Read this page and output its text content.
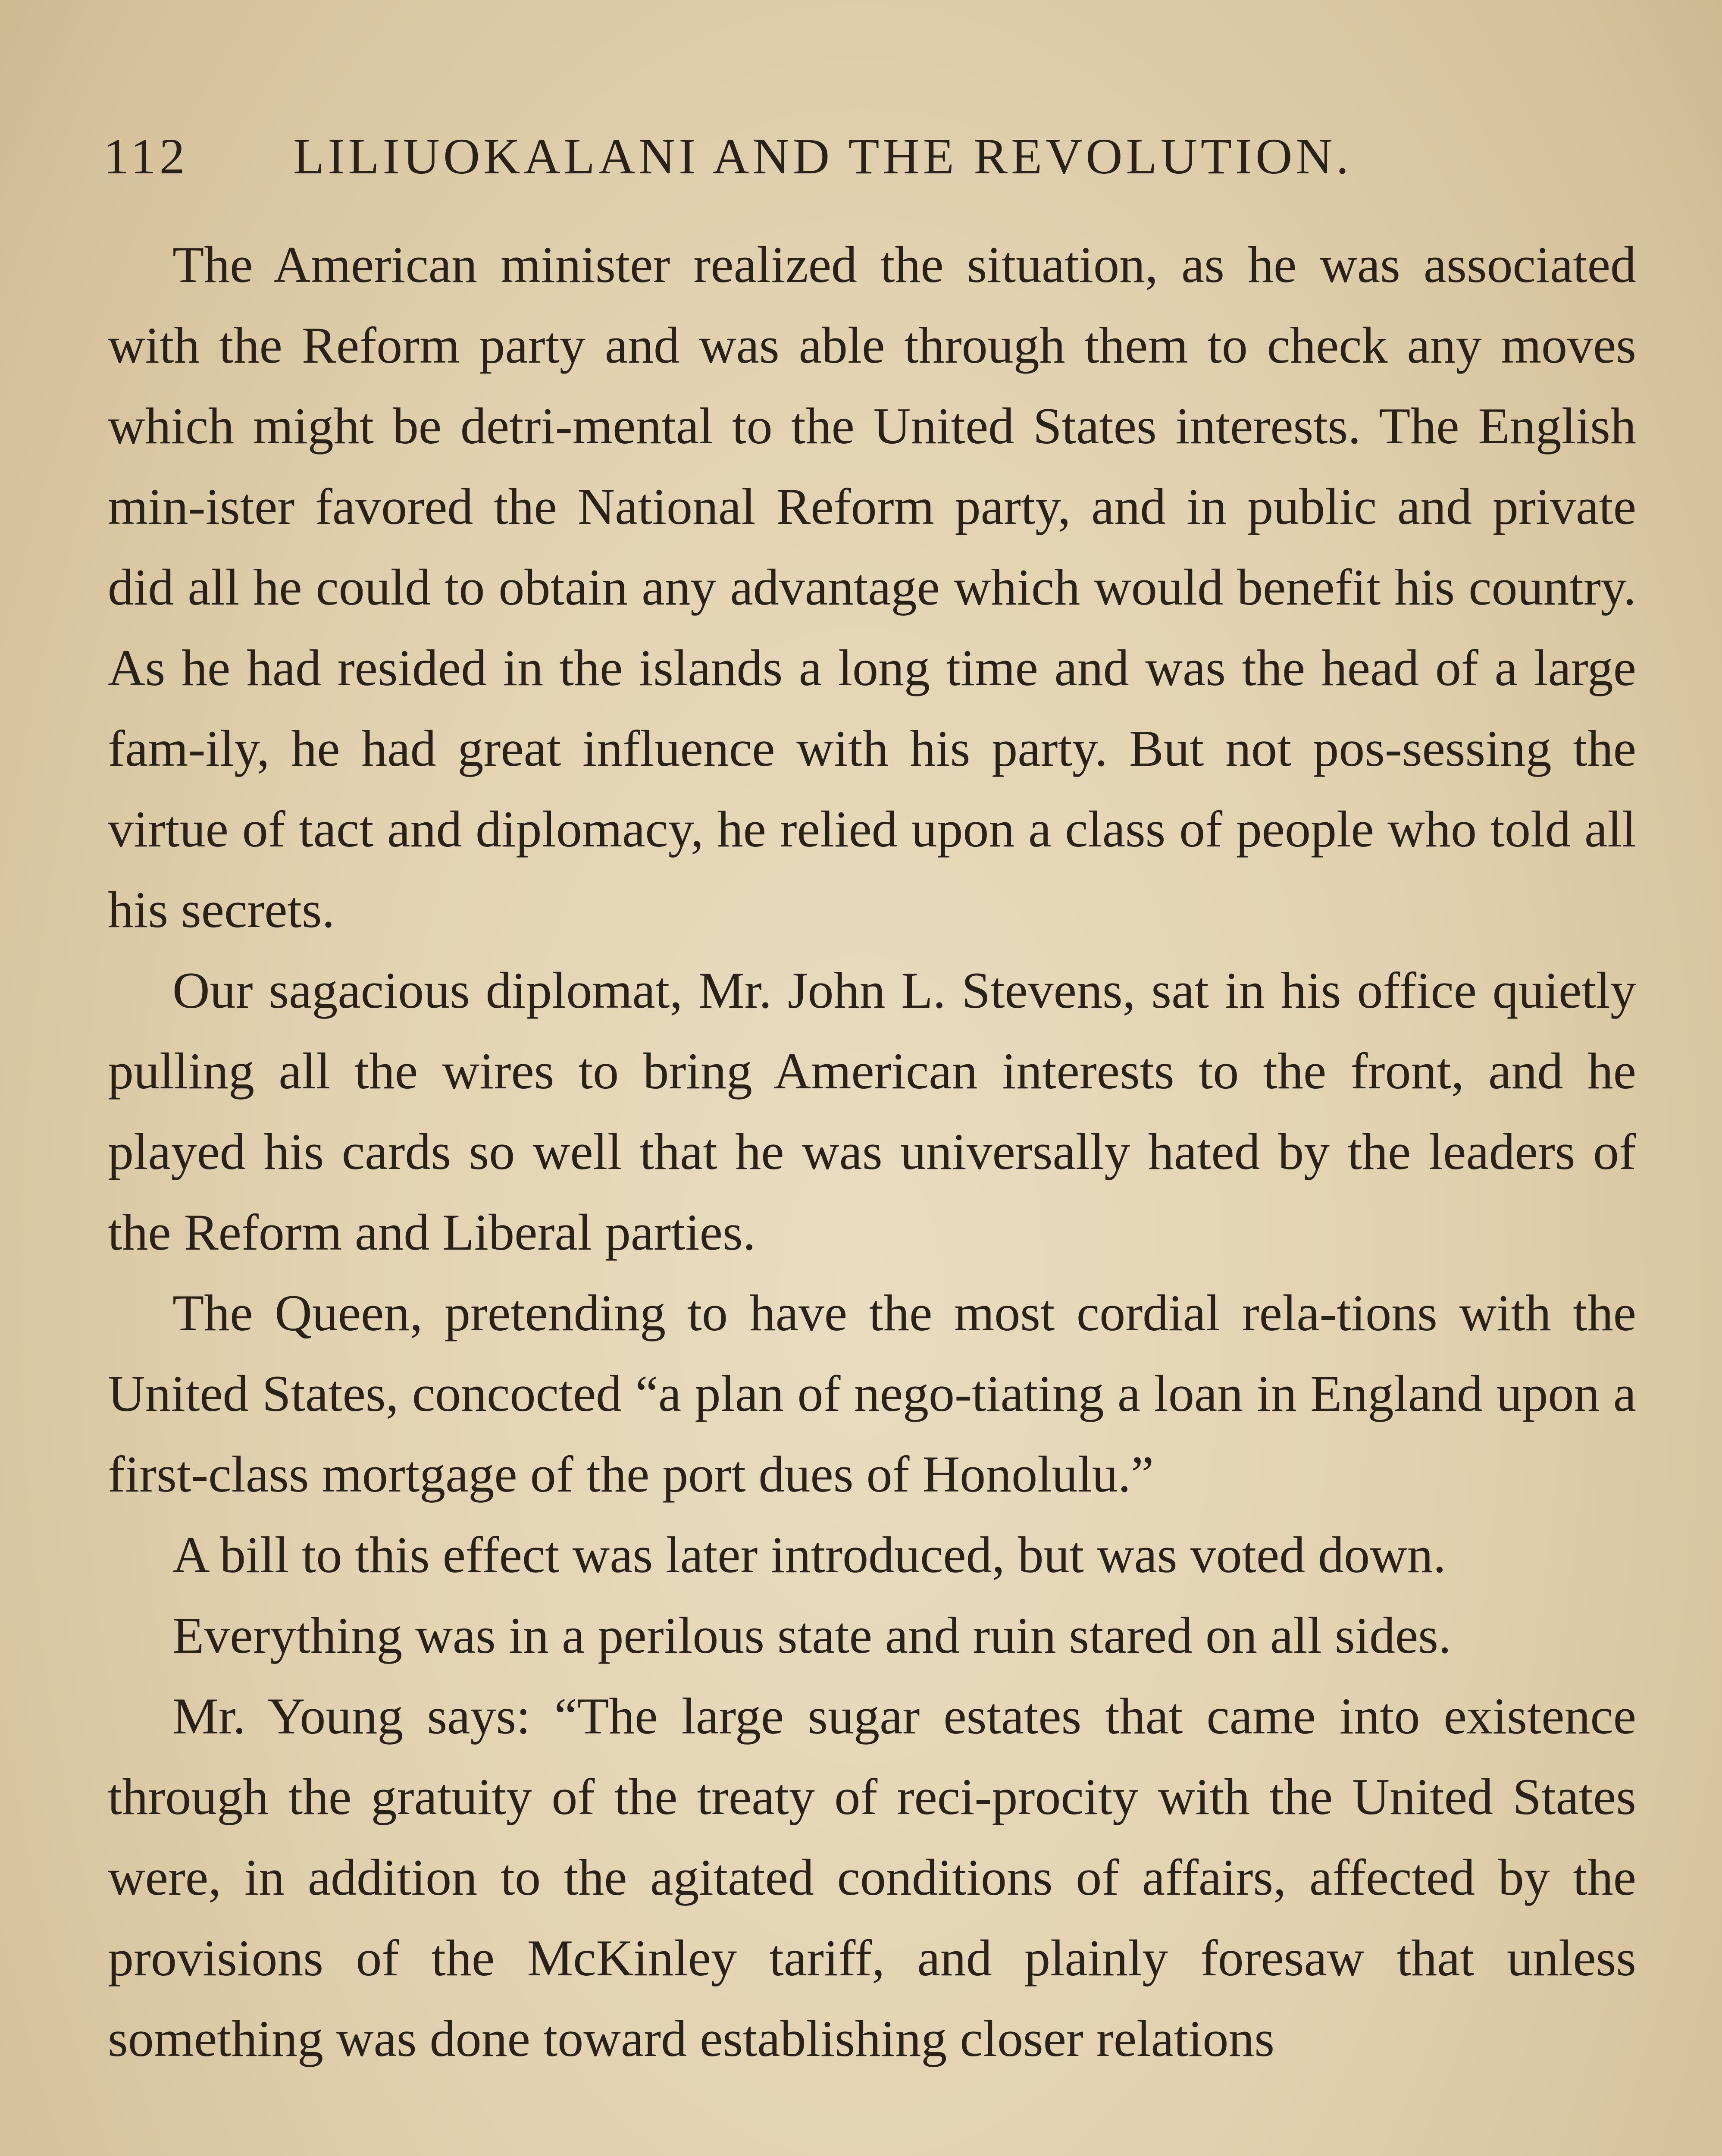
112 LILIUOKALANI AND THE REVOLUTION.

The American minister realized the situation, as he was associated with the Reform party and was able through them to check any moves which might be detri-mental to the United States interests. The English min-ister favored the National Reform party, and in public and private did all he could to obtain any advantage which would benefit his country. As he had resided in the islands a long time and was the head of a large fam-ily, he had great influence with his party. But not pos-sessing the virtue of tact and diplomacy, he relied upon a class of people who told all his secrets.

Our sagacious diplomat, Mr. John L. Stevens, sat in his office quietly pulling all the wires to bring American interests to the front, and he played his cards so well that he was universally hated by the leaders of the Reform and Liberal parties.

The Queen, pretending to have the most cordial rela-tions with the United States, concocted “a plan of nego-tiating a loan in England upon a first-class mortgage of the port dues of Honolulu.”

A bill to this effect was later introduced, but was voted down.

Everything was in a perilous state and ruin stared on all sides.

Mr. Young says: “The large sugar estates that came into existence through the gratuity of the treaty of reci-procity with the United States were, in addition to the agitated conditions of affairs, affected by the provisions of the McKinley tariff, and plainly foresaw that unless something was done toward establishing closer relations
